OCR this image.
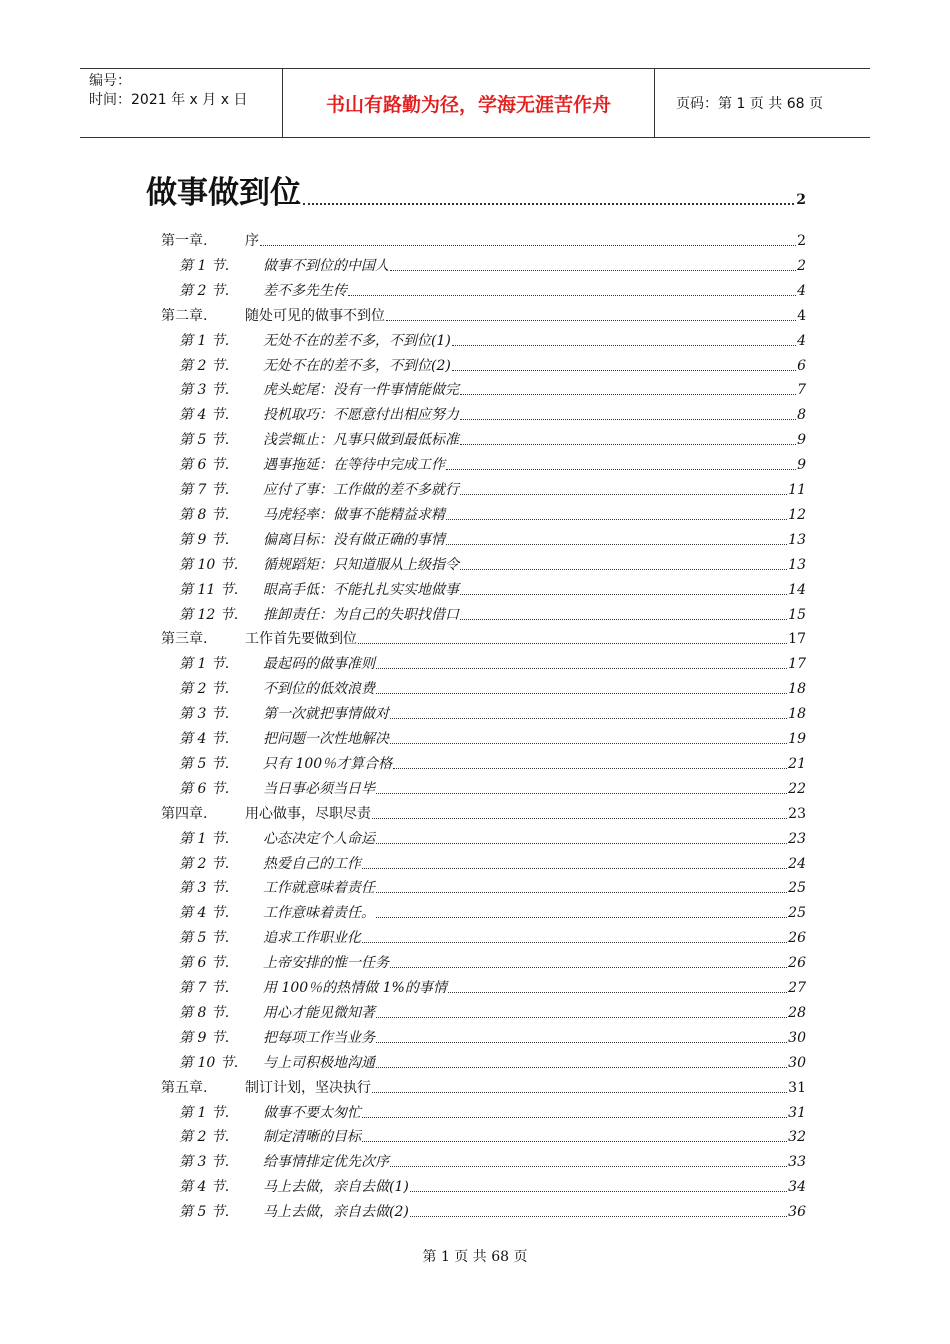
编号：
时间：2021 年 x 月 x 日	书山有路勤为径，学海无涯苦作舟	页码：第 1 页 共 68 页
做事做到位	2
第一章.	序	2
第 1 节.	做事不到位的中国人	2
第 2 节.	差不多先生传	4
第二章.	随处可见的做事不到位	4
第 1 节.	无处不在的差不多，不到位(1)	4
第 2 节.	无处不在的差不多，不到位(2)	6
第 3 节.	虎头蛇尾：没有一件事情能做完	7
第 4 节.	投机取巧：不愿意付出相应努力	8
第 5 节.	浅尝辄止：凡事只做到最低标准	9
第 6 节.	遇事拖延：在等待中完成工作	9
第 7 节.	应付了事：工作做的差不多就行	11
第 8 节.	马虎轻率：做事不能精益求精	12
第 9 节.	偏离目标：没有做正确的事情	13
第 10 节.	循规蹈矩：只知道服从上级指令	13
第 11 节.	眼高手低：不能扎扎实实地做事	14
第 12 节.	推卸责任：为自己的失职找借口	15
第三章.	工作首先要做到位	17
第 1 节.	最起码的做事准则	17
第 2 节.	不到位的低效浪费	18
第 3 节.	第一次就把事情做对	18
第 4 节.	把问题一次性地解决	19
第 5 节.	只有 100％才算合格	21
第 6 节.	当日事必须当日毕	22
第四章.	用心做事，尽职尽责	23
第 1 节.	心态决定个人命运	23
第 2 节.	热爱自己的工作	24
第 3 节.	工作就意味着责任	25
第 4 节.	工作意味着责任。	25
第 5 节.	追求工作职业化	26
第 6 节.	上帝安排的惟一任务	26
第 7 节.	用 100％的热情做 1%的事情	27
第 8 节.	用心才能见微知著	28
第 9 节.	把每项工作当业务	30
第 10 节.	与上司积极地沟通	30
第五章.	制订计划，坚决执行	31
第 1 节.	做事不要太匆忙	31
第 2 节.	制定清晰的目标	32
第 3 节.	给事情排定优先次序	33
第 4 节.	马上去做，亲自去做(1)	34
第 5 节.	马上去做，亲自去做(2)	36
第 1 页 共 68 页
